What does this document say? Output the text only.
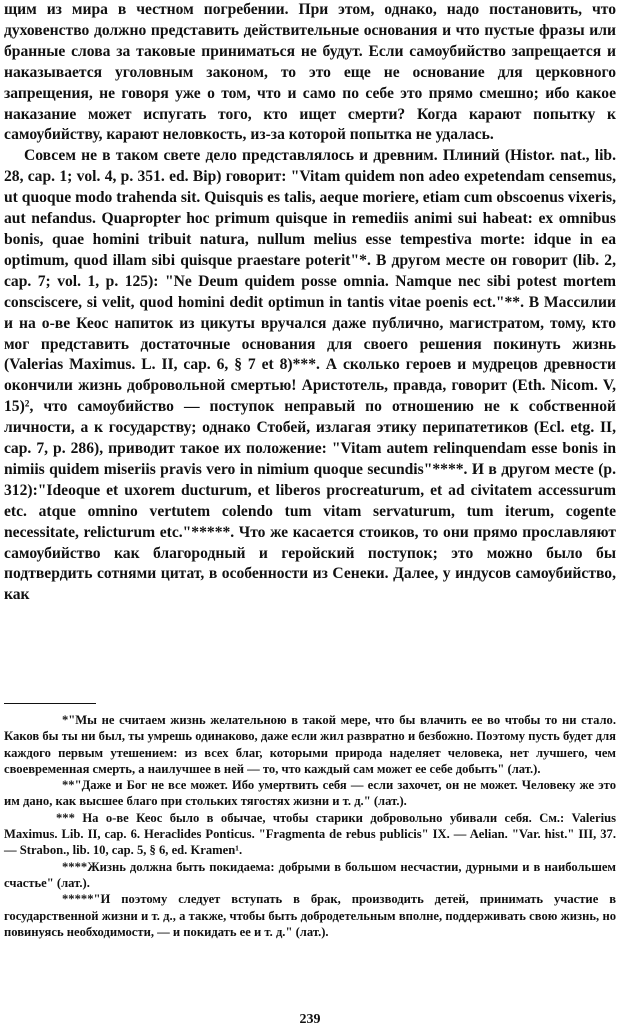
щим из мира в честном погребении. При этом, однако, надо постановить, что духовенство должно представить действительные основания и что пустые фразы или бранные слова за таковые приниматься не будут. Если самоубийство запрещается и наказывается уголовным законом, то это еще не основание для церковного запрещения, не говоря уже о том, что и само по себе это прямо смешно; ибо какое наказание может испугать того, кто ищет смерти? Когда карают попытку к самоубийству, карают неловкость, из-за которой попытка не удалась.

Совсем не в таком свете дело представлялось и древним. Плиний (Histor. nat., lib. 28, cap. 1; vol. 4, p. 351. ed. Bip) говорит: "Vitam quidem non adeo expetendam censemus, ut quoque modo trahenda sit. Quisquis es talis, aeque moriere, etiam cum obscoenus vixeris, aut nefandus. Quapropter hoc primum quisque in remediis animi sui habeat: ex omnibus bonis, quae homini tribuit natura, nullum melius esse tempestiva morte: idque in ea optimum, quod illam sibi quisque praestare poterit"*. В другом месте он говорит (lib. 2, cap. 7; vol. 1, p. 125): "Ne Deum quidem posse omnia. Namque nec sibi potest mortem consciscere, si velit, quod homini dedit optimun in tantis vitae poenis ect."**. В Массилии и на о-ве Кеос напиток из цикуты вручался даже публично, магистратом, тому, кто мог представить достаточные основания для своего решения покинуть жизнь (Valerias Maximus. L. II, cap. 6, § 7 et 8)***. А сколько героев и мудрецов древности окончили жизнь добровольной смертью! Аристотель, правда, говорит (Eth. Nicom. V, 15)², что самоубийство — поступок неправый по отношению не к собственной личности, а к государству; однако Стобей, излагая этику перипатетиков (Ecl. etg. II, cap. 7, p. 286), приводит такое их положение: "Vitam autem relinquendam esse bonis in nimiis quidem miseriis pravis vero in nimium quoque secundis"****. И в другом месте (p. 312):"Ideoque et uxorem ducturum, et liberos procreaturum, et ad civitatem accessurum etc. atque omnino vertutem colendo tum vitam servaturum, tum iterum, cogente necessitate, relicturum etc."*****. Что же касается стоиков, то они прямо прославляют самоубийство как благородный и геройский поступок; это можно было бы подтвердить сотнями цитат, в особенности из Сенеки. Далее, у индусов самоубийство, как

*"Мы не считаем жизнь желательною в такой мере, что бы влачить ее во чтобы то ни стало. Каков бы ты ни был, ты умрешь одинаково, даже если жил развратно и безбожно. Поэтому пусть будет для каждого первым утешением: из всех благ, которыми природа наделяет человека, нет лучшего, чем своевременная смерть, а наилучшее в ней — то, что каждый сам может ее себе добыть" (лат.).

**"Даже и Бог не все может. Ибо умертвить себя — если захочет, он не может. Человеку же это им дано, как высшее благо при стольких тягостях жизни и т. д." (лат.).

*** На о-ве Кеос было в обычае, чтобы старики добровольно убивали себя. См.: Valerius Maximus. Lib. II, cap. 6. Heraclides Ponticus. "Fragmenta de rebus publicis" IX. — Aelian. "Var. hist." III, 37. — Strabon., lib. 10, cap. 5, § 6, ed. Kramen¹.

****Жизнь должна быть покидаема: добрыми в большом несчастии, дурными и в наибольшем счастье" (лат.).

*****"И поэтому следует вступать в брак, производить детей, принимать участие в государственной жизни и т. д., а также, чтобы быть добродетельным вполне, поддерживать свою жизнь, но повинуясь необходимости, — и покидать ее и т. д." (лат.).

239
